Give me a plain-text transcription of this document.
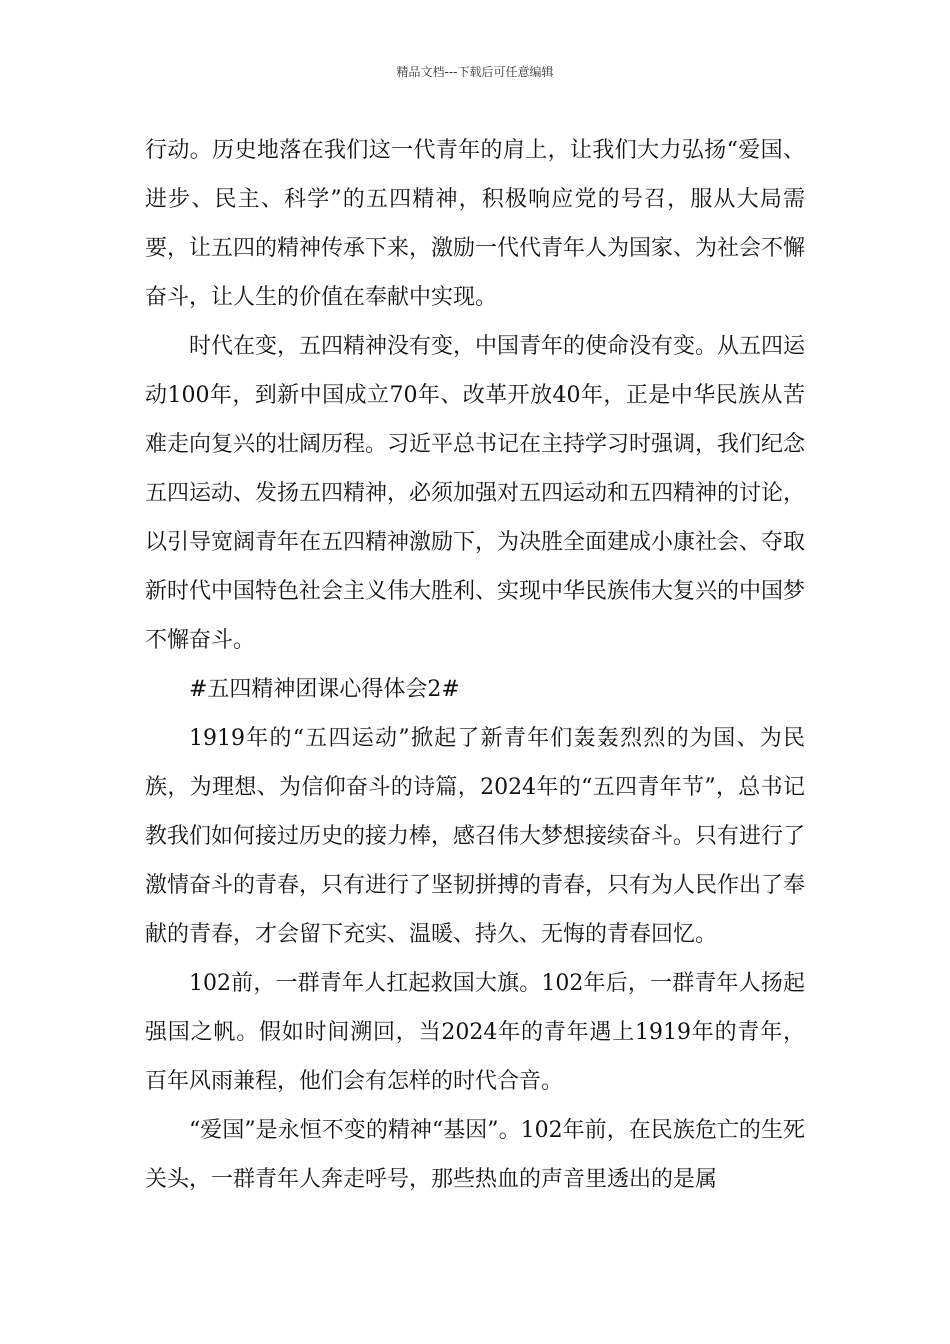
精品文档---下载后可任意编辑

行动。历史地落在我们这一代青年的肩上，让我们大力弘扬“爱国、进步、民主、科学”的五四精神，积极响应党的号召，服从大局需要，让五四的精神传承下来，激励一代代青年人为国家、为社会不懈奋斗，让人生的价值在奉献中实现。

时代在变，五四精神没有变，中国青年的使命没有变。从五四运动100年，到新中国成立70年、改革开放40年，正是中华民族从苦难走向复兴的壮阔历程。习近平总书记在主持学习时强调，我们纪念五四运动、发扬五四精神，必须加强对五四运动和五四精神的讨论，以引导宽阔青年在五四精神激励下，为决胜全面建成小康社会、夺取新时代中国特色社会主义伟大胜利、实现中华民族伟大复兴的中国梦不懈奋斗。

#五四精神团课心得体会2#

1919年的“五四运动”掀起了新青年们轰轰烈烈的为国、为民族，为理想、为信仰奋斗的诗篇，2024年的“五四青年节”，总书记教我们如何接过历史的接力棒，感召伟大梦想接续奋斗。只有进行了激情奋斗的青春，只有进行了坚韧拼搏的青春，只有为人民作出了奉献的青春，才会留下充实、温暖、持久、无悔的青春回忆。

102前，一群青年人扛起救国大旗。102年后，一群青年人扬起强国之帆。假如时间溯回，当2024年的青年遇上1919年的青年，百年风雨兼程，他们会有怎样的时代合音。

“爱国”是永恒不变的精神“基因”。102年前，在民族危亡的生死关头，一群青年人奔走呼号，那些热血的声音里透出的是属
